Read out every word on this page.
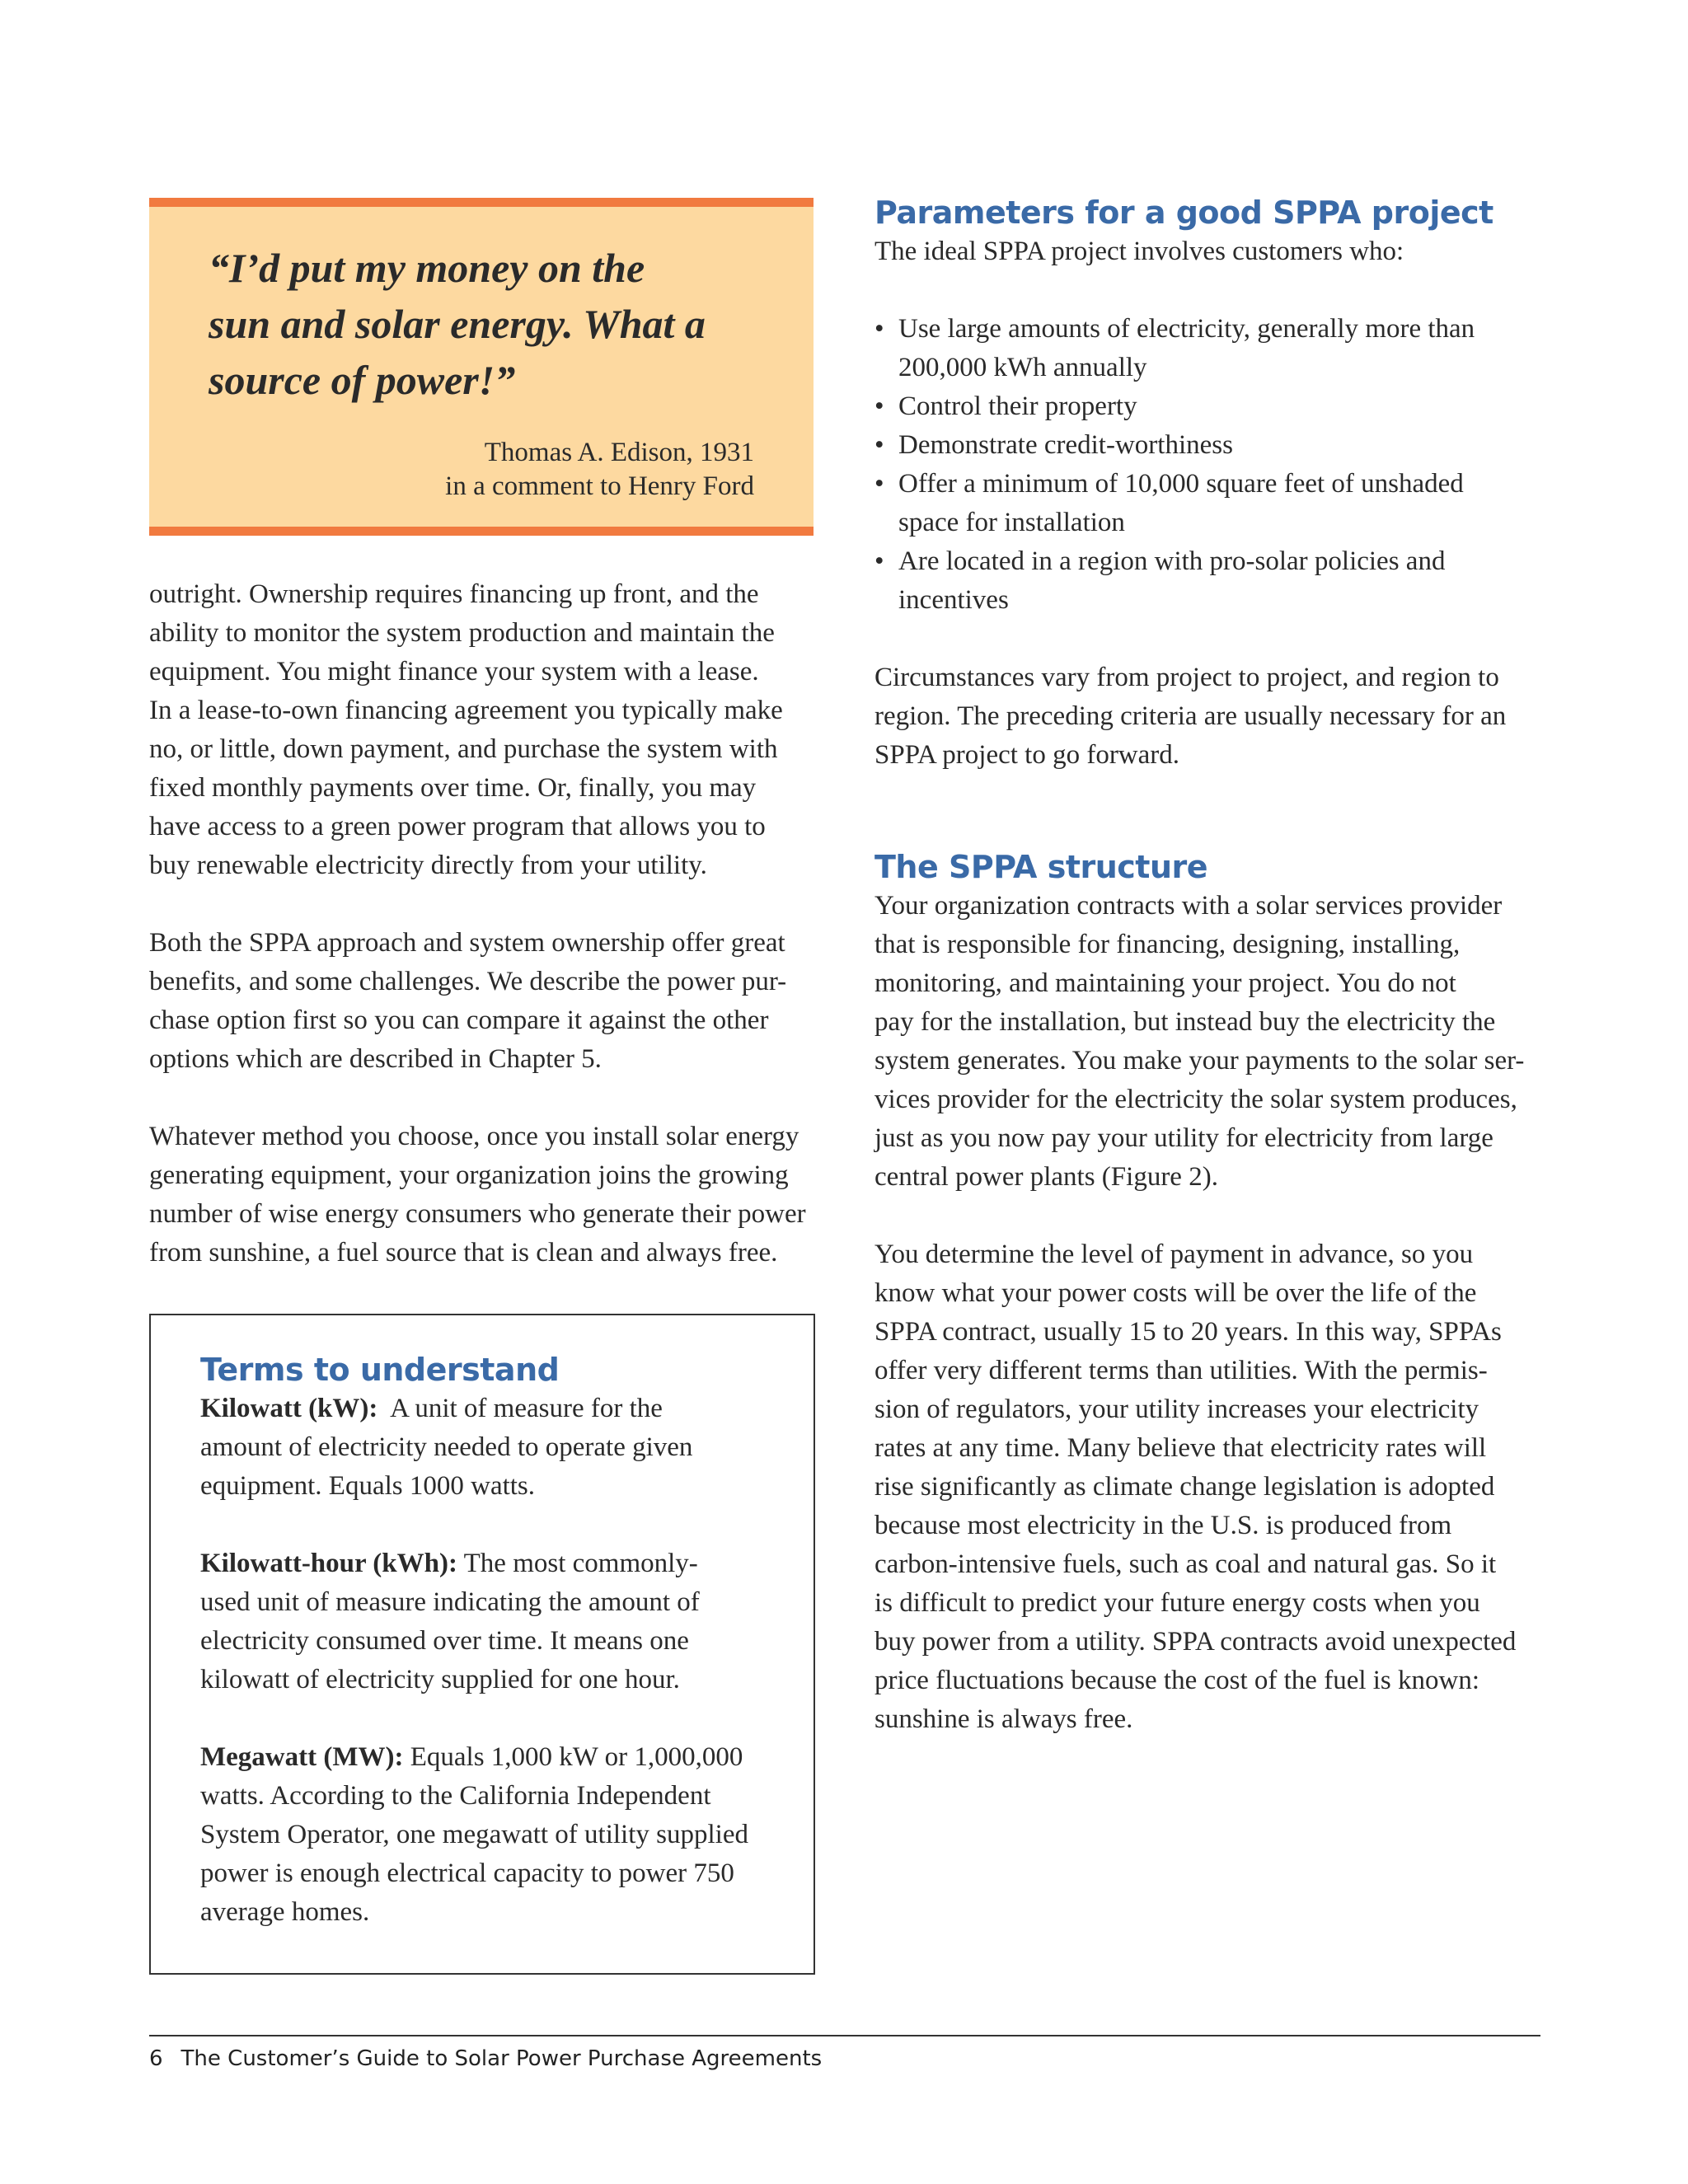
“I’d put my money on the
sun and solar energy. What a
source of power!”

Thomas A. Edison, 1931
in a comment to Henry Ford

outright. Ownership requires financing up front, and the
ability to monitor the system production and maintain the
equipment. You might finance your system with a lease.
In a lease-to-own financing agreement you typically make
no, or little, down payment, and purchase the system with
fixed monthly payments over time. Or, finally, you may
have access to a green power program that allows you to
buy renewable electricity directly from your utility.

Both the SPPA approach and system ownership offer great
benefits, and some challenges. We describe the power pur-
chase option first so you can compare it against the other
options which are described in Chapter 5.

Whatever method you choose, once you install solar energy
generating equipment, your organization joins the growing
number of wise energy consumers who generate their power
from sunshine, a fuel source that is clean and always free.

Terms to understand

Kilowatt (kW):  A unit of measure for the
amount of electricity needed to operate given
equipment. Equals 1000 watts.

Kilowatt-hour (kWh): The most commonly-
used unit of measure indicating the amount of
electricity consumed over time. It means one
kilowatt of electricity supplied for one hour.

Megawatt (MW): Equals 1,000 kW or 1,000,000
watts. According to the California Independent
System Operator, one megawatt of utility supplied
power is enough electrical capacity to power 750
average homes.

Parameters for a good SPPA project

The ideal SPPA project involves customers who:

• Use large amounts of electricity, generally more than
200,000 kWh annually
• Control their property
• Demonstrate credit-worthiness
• Offer a minimum of 10,000 square feet of unshaded
space for installation
• Are located in a region with pro-solar policies and
incentives

Circumstances vary from project to project, and region to
region. The preceding criteria are usually necessary for an
SPPA project to go forward.

The SPPA structure

Your organization contracts with a solar services provider
that is responsible for financing, designing, installing,
monitoring, and maintaining your project. You do not
pay for the installation, but instead buy the electricity the
system generates. You make your payments to the solar ser-
vices provider for the electricity the solar system produces,
just as you now pay your utility for electricity from large
central power plants (Figure 2).

You determine the level of payment in advance, so you
know what your power costs will be over the life of the
SPPA contract, usually 15 to 20 years. In this way, SPPAs
offer very different terms than utilities. With the permis-
sion of regulators, your utility increases your electricity
rates at any time. Many believe that electricity rates will
rise significantly as climate change legislation is adopted
because most electricity in the U.S. is produced from
carbon-intensive fuels, such as coal and natural gas. So it
is difficult to predict your future energy costs when you
buy power from a utility. SPPA contracts avoid unexpected
price fluctuations because the cost of the fuel is known:
sunshine is always free.

6 The Customer’s Guide to Solar Power Purchase Agreements
